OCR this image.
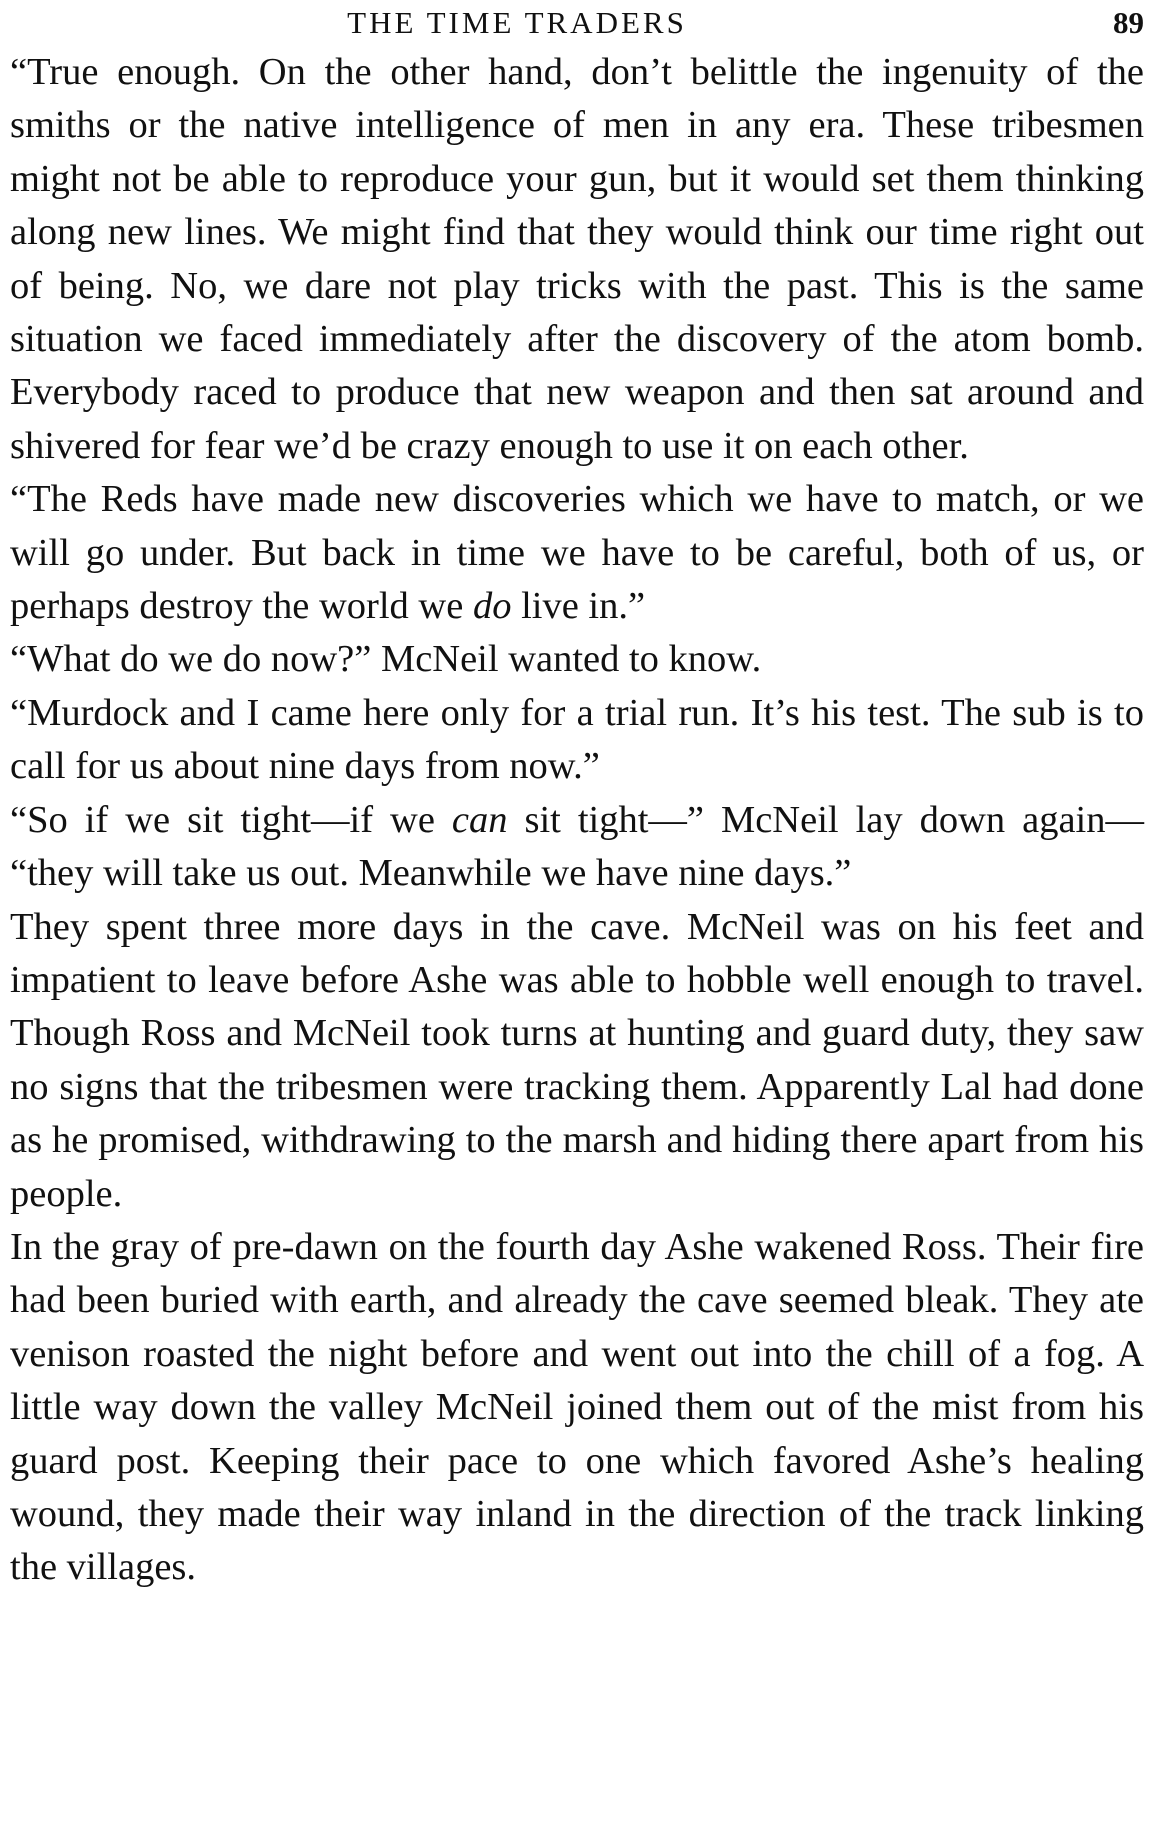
THE TIME TRADERS	89

“True enough. On the other hand, don’t belittle the ingenuity of the smiths or the native intelligence of men in any era. These tribesmen might not be able to reproduce your gun, but it would set them thinking along new lines. We might find that they would think our time right out of being. No, we dare not play tricks with the past. This is the same situation we faced immediately after the discovery of the atom bomb. Everybody raced to produce that new weapon and then sat around and shivered for fear we’d be crazy enough to use it on each other.

“The Reds have made new discoveries which we have to match, or we will go under. But back in time we have to be careful, both of us, or perhaps destroy the world we do live in.”

“What do we do now?” McNeil wanted to know.

“Murdock and I came here only for a trial run. It’s his test. The sub is to call for us about nine days from now.”

“So if we sit tight—if we can sit tight—” McNeil lay down again— “they will take us out. Meanwhile we have nine days.”

They spent three more days in the cave. McNeil was on his feet and impatient to leave before Ashe was able to hobble well enough to travel. Though Ross and McNeil took turns at hunting and guard duty, they saw no signs that the tribesmen were tracking them. Apparently Lal had done as he promised, withdrawing to the marsh and hiding there apart from his people.

In the gray of pre-dawn on the fourth day Ashe wakened Ross. Their fire had been buried with earth, and already the cave seemed bleak. They ate venison roasted the night before and went out into the chill of a fog. A little way down the valley McNeil joined them out of the mist from his guard post. Keeping their pace to one which favored Ashe’s healing wound, they made their way inland in the direction of the track linking the villages.
